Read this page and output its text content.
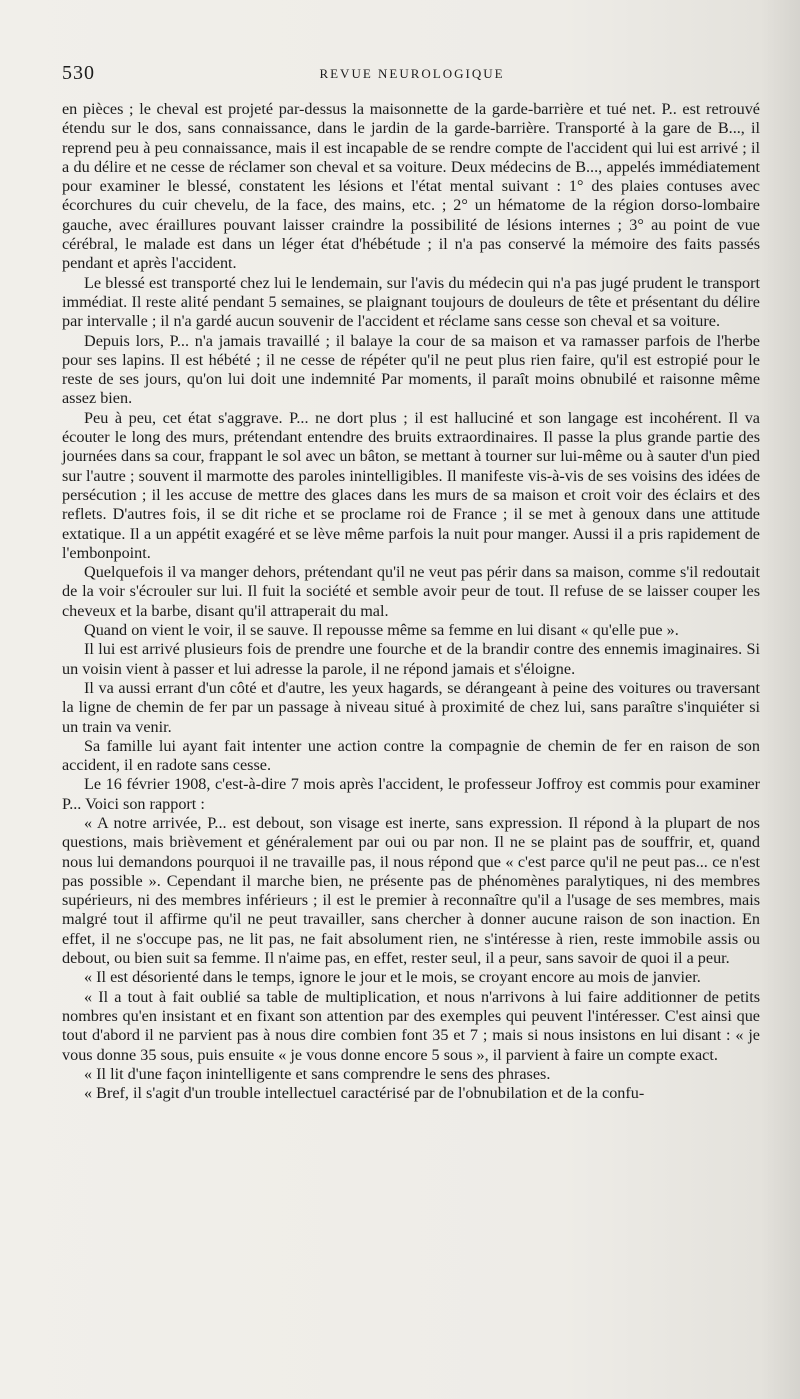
530	REVUE NEUROLOGIQUE

en pièces ; le cheval est projeté par-dessus la maisonnette de la garde-barrière et tué net. P.. est retrouvé étendu sur le dos, sans connaissance, dans le jardin de la garde-barrière. Transporté à la gare de B..., il reprend peu à peu connaissance, mais il est incapable de se rendre compte de l'accident qui lui est arrivé ; il a du délire et ne cesse de réclamer son cheval et sa voiture. Deux médecins de B..., appelés immédiatement pour examiner le blessé, constatent les lésions et l'état mental suivant : 1° des plaies contuses avec écorchures du cuir chevelu, de la face, des mains, etc. ; 2° un hématome de la région dorso-lombaire gauche, avec éraillures pouvant laisser craindre la possibilité de lésions internes ; 3° au point de vue cérébral, le malade est dans un léger état d'hébétude ; il n'a pas conservé la mémoire des faits passés pendant et après l'accident.

Le blessé est transporté chez lui le lendemain, sur l'avis du médecin qui n'a pas jugé prudent le transport immédiat. Il reste alité pendant 5 semaines, se plaignant toujours de douleurs de tête et présentant du délire par intervalle ; il n'a gardé aucun souvenir de l'accident et réclame sans cesse son cheval et sa voiture.

Depuis lors, P... n'a jamais travaillé ; il balaye la cour de sa maison et va ramasser parfois de l'herbe pour ses lapins. Il est hébété ; il ne cesse de répéter qu'il ne peut plus rien faire, qu'il est estropié pour le reste de ses jours, qu'on lui doit une indemnité Par moments, il paraît moins obnubilé et raisonne même assez bien.

Peu à peu, cet état s'aggrave. P... ne dort plus ; il est halluciné et son langage est incohérent. Il va écouter le long des murs, prétendant entendre des bruits extraordinaires. Il passe la plus grande partie des journées dans sa cour, frappant le sol avec un bâton, se mettant à tourner sur lui-même ou à sauter d'un pied sur l'autre ; souvent il marmotte des paroles inintelligibles. Il manifeste vis-à-vis de ses voisins des idées de persécution ; il les accuse de mettre des glaces dans les murs de sa maison et croit voir des éclairs et des reflets. D'autres fois, il se dit riche et se proclame roi de France ; il se met à genoux dans une attitude extatique. Il a un appétit exagéré et se lève même parfois la nuit pour manger. Aussi il a pris rapidement de l'embonpoint.

Quelquefois il va manger dehors, prétendant qu'il ne veut pas périr dans sa maison, comme s'il redoutait de la voir s'écrouler sur lui. Il fuit la société et semble avoir peur de tout. Il refuse de se laisser couper les cheveux et la barbe, disant qu'il attraperait du mal.

Quand on vient le voir, il se sauve. Il repousse même sa femme en lui disant « qu'elle pue ».

Il lui est arrivé plusieurs fois de prendre une fourche et de la brandir contre des ennemis imaginaires. Si un voisin vient à passer et lui adresse la parole, il ne répond jamais et s'éloigne.

Il va aussi errant d'un côté et d'autre, les yeux hagards, se dérangeant à peine des voitures ou traversant la ligne de chemin de fer par un passage à niveau situé à proximité de chez lui, sans paraître s'inquiéter si un train va venir.

Sa famille lui ayant fait intenter une action contre la compagnie de chemin de fer en raison de son accident, il en radote sans cesse.

Le 16 février 1908, c'est-à-dire 7 mois après l'accident, le professeur Joffroy est commis pour examiner P... Voici son rapport :

« A notre arrivée, P... est debout, son visage est inerte, sans expression. Il répond à la plupart de nos questions, mais brièvement et généralement par oui ou par non. Il ne se plaint pas de souffrir, et, quand nous lui demandons pourquoi il ne travaille pas, il nous répond que « c'est parce qu'il ne peut pas... ce n'est pas possible ». Cependant il marche bien, ne présente pas de phénomènes paralytiques, ni des membres supérieurs, ni des membres inférieurs ; il est le premier à reconnaître qu'il a l'usage de ses membres, mais malgré tout il affirme qu'il ne peut travailler, sans chercher à donner aucune raison de son inaction. En effet, il ne s'occupe pas, ne lit pas, ne fait absolument rien, ne s'intéresse à rien, reste immobile assis ou debout, ou bien suit sa femme. Il n'aime pas, en effet, rester seul, il a peur, sans savoir de quoi il a peur.

« Il est désorienté dans le temps, ignore le jour et le mois, se croyant encore au mois de janvier.

« Il a tout à fait oublié sa table de multiplication, et nous n'arrivons à lui faire additionner de petits nombres qu'en insistant et en fixant son attention par des exemples qui peuvent l'intéresser. C'est ainsi que tout d'abord il ne parvient pas à nous dire combien font 35 et 7 ; mais si nous insistons en lui disant : « je vous donne 35 sous, puis ensuite « je vous donne encore 5 sous », il parvient à faire un compte exact.

« Il lit d'une façon inintelligente et sans comprendre le sens des phrases.

« Bref, il s'agit d'un trouble intellectuel caractérisé par de l'obnubilation et de la confu-
